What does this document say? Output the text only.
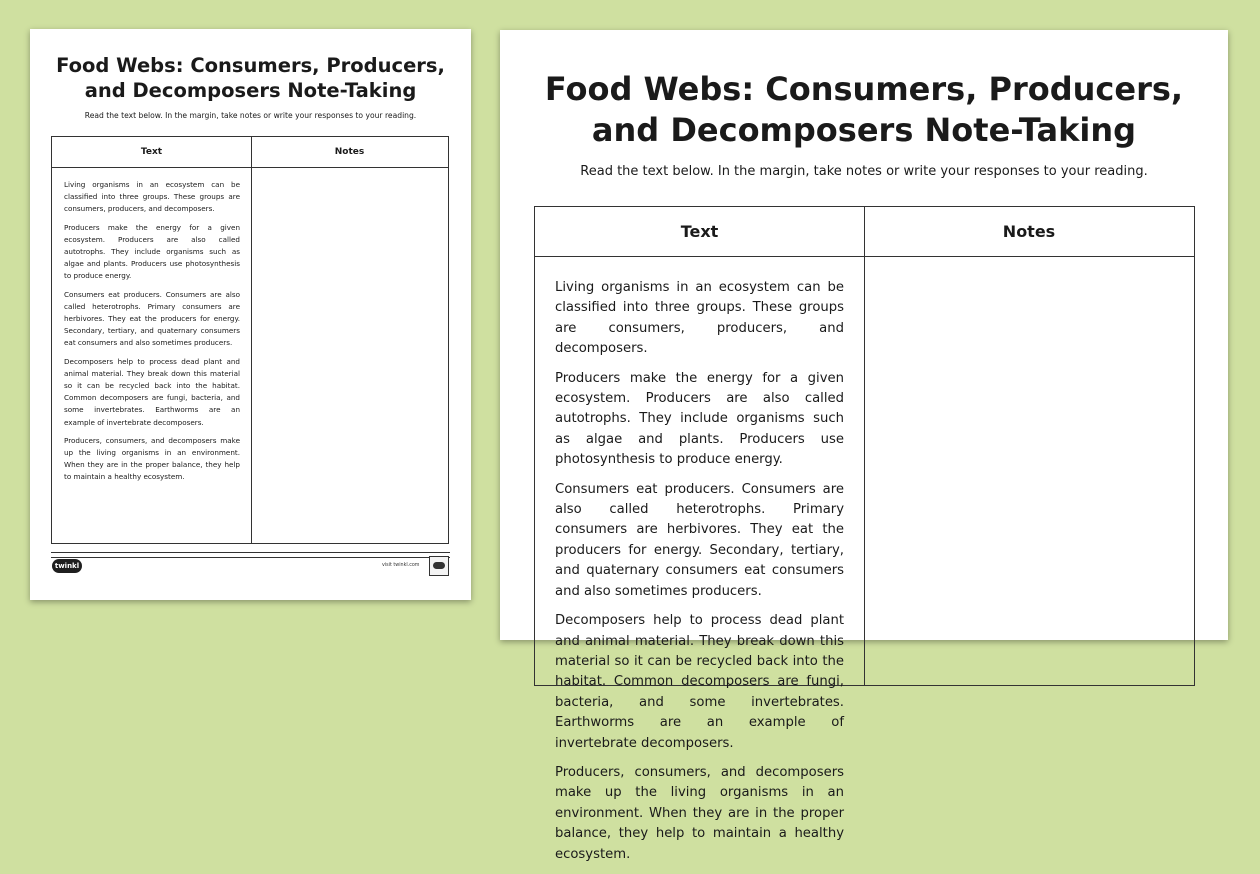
Food Webs: Consumers, Producers,
and Decomposers Note-Taking
Read the text below. In the margin, take notes or write your responses to your reading.
Text	Notes

Living organisms in an ecosystem can be classified into three groups. These groups are consumers, producers, and decomposers.

Producers make the energy for a given ecosystem. Producers are also called autotrophs. They include organisms such as algae and plants. Producers use photosynthesis to produce energy.

Consumers eat producers. Consumers are also called heterotrophs. Primary consumers are herbivores. They eat the producers for energy. Secondary, tertiary, and quaternary consumers eat consumers and also sometimes producers.

Decomposers help to process dead plant and animal material. They break down this material so it can be recycled back into the habitat. Common decomposers are fungi, bacteria, and some invertebrates. Earthworms are an example of invertebrate decomposers.

Producers, consumers, and decomposers make up the living organisms in an environment. When they are in the proper balance, they help to maintain a healthy ecosystem.

twinkl	visit twinkl.com
Food Webs: Consumers, Producers,
and Decomposers Note-Taking
Read the text below. In the margin, take notes or write your responses to your reading.
Text	Notes

Living organisms in an ecosystem can be classified into three groups. These groups are consumers, producers, and decomposers.

Producers make the energy for a given ecosystem. Producers are also called autotrophs. They include organisms such as algae and plants. Producers use photosynthesis to produce energy.

Consumers eat producers. Consumers are also called heterotrophs. Primary consumers are herbivores. They eat the producers for energy. Secondary, tertiary, and quaternary consumers eat consumers and also sometimes producers.

Decomposers help to process dead plant and animal material. They break down this material so it can be recycled back into the habitat. Common decomposers are fungi, bacteria, and some invertebrates. Earthworms are an example of invertebrate decomposers.

Producers, consumers, and decomposers make up the living organisms in an environment. When they are in the proper balance, they help to maintain a healthy ecosystem.
